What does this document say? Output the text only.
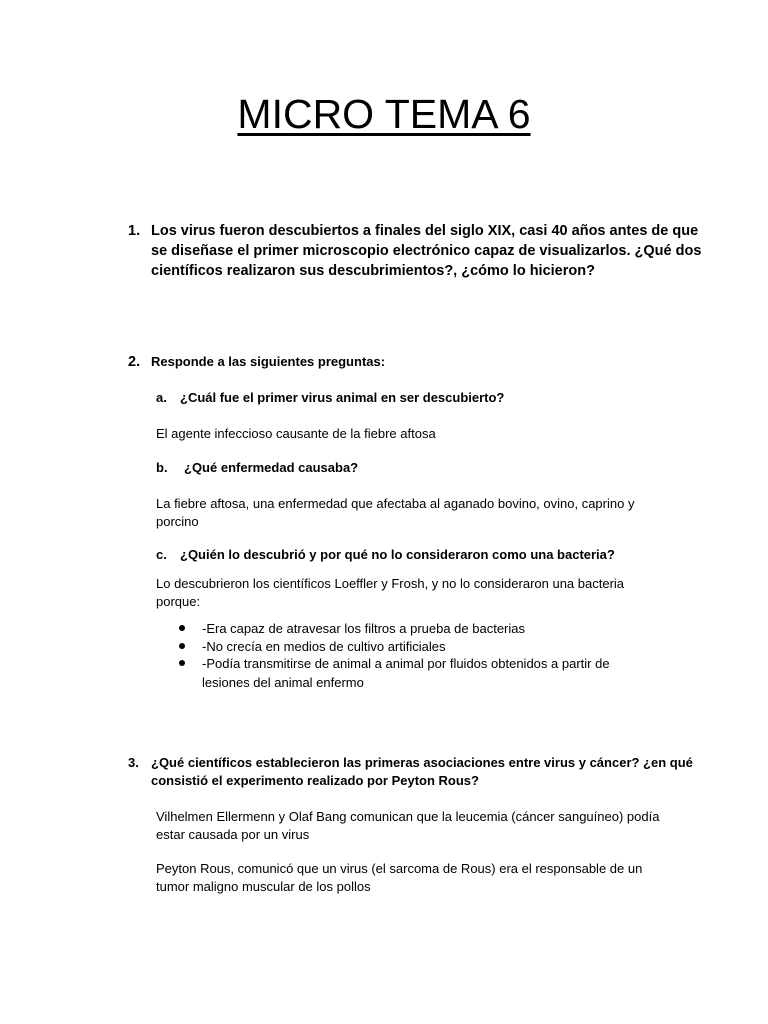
MICRO TEMA 6
1. Los virus fueron descubiertos a finales del siglo XIX, casi 40 años antes de que
se diseñase el primer microscopio electrónico capaz de visualizarlos. ¿Qué dos
científicos realizaron sus descubrimientos?, ¿cómo lo hicieron?
2. Responde a las siguientes preguntas:
a. ¿Cuál fue el primer virus animal en ser descubierto?
El agente infeccioso causante de la fiebre aftosa
b. ¿Qué enfermedad causaba?
La fiebre aftosa, una enfermedad que afectaba al aganado bovino, ovino, caprino y
porcino
c. ¿Quién lo descubrió y por qué no lo consideraron como una bacteria?
Lo descubrieron los científicos Loeffler y Frosh, y no lo consideraron una bacteria
porque:
-Era capaz de atravesar los filtros a prueba de bacterias
-No crecía en medios de cultivo artificiales
-Podía transmitirse de animal a animal por fluidos obtenidos a partir de
lesiones del animal enfermo
3. ¿Qué científicos establecieron las primeras asociaciones entre virus y cáncer? ¿en qué
consistió el experimento realizado por Peyton Rous?
Vilhelmen Ellermenn y Olaf Bang comunican que la leucemia (cáncer sanguíneo) podía
estar causada por un virus
Peyton Rous, comunicó que un virus (el sarcoma de Rous) era el responsable de un
tumor maligno muscular de los pollos
